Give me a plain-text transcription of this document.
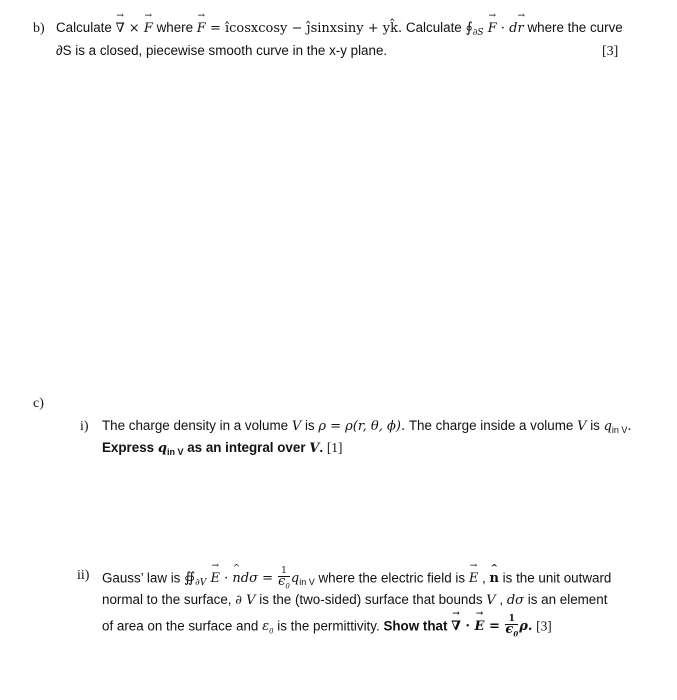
b) Calculate ∇ → × F → where F → = îcosxcosy − ĵsinxsiny + yk̂. Calculate $∮_{\partial S}$ F → · dr → where the curve
∂S is a closed, piecewise smooth curve in the x-y plane.	[3]
c)
i) The charge density in a volume V is ρ = ρ(r, θ, ϕ). The charge inside a volume V is $q_{in V}$.
Express $q_{in V}$ as an integral over V. [1]
ii) Gauss’ law is $∯_{\partial V}$ E → · n ^dσ = $\frac{1}{\epsilon_0} q_{in V}$ where the electric field is E → , n ^ is the unit outward
normal to the surface, ∂ V is the (two-sided) surface that bounds V , dσ is an element
of area on the surface and $\varepsilon_0$ is the permittivity. Show that ∇ → · E → = $\frac{1}{\epsilon_0} \rho$. [3]
